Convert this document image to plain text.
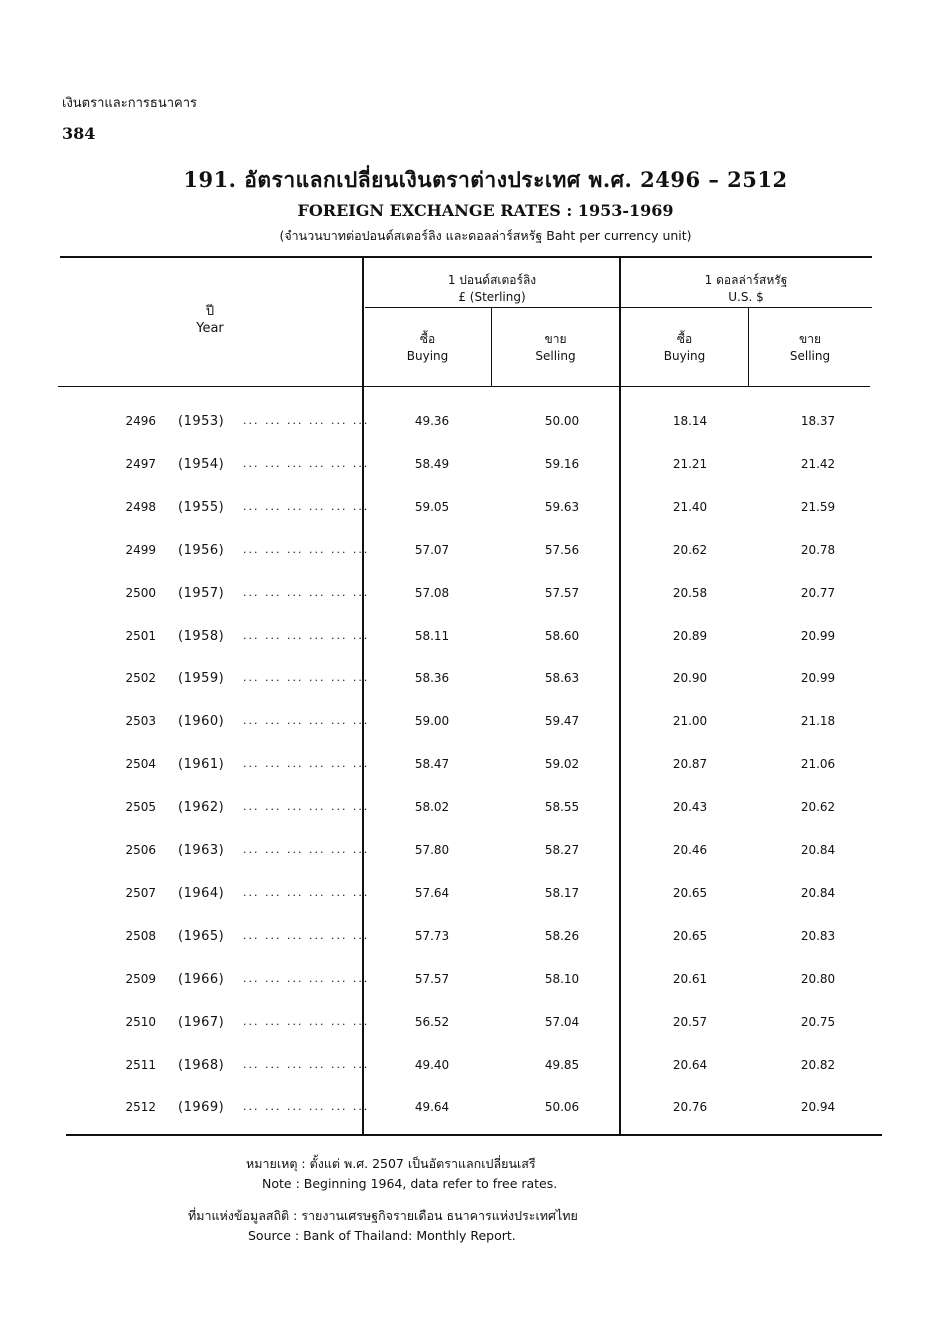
เงินตราและการธนาคาร
384
191. อัตราแลกเปลี่ยนเงินตราต่างประเทศ พ.ศ. 2496 – 2512
FOREIGN EXCHANGE RATES : 1953-1969
(จำนวนบาทต่อปอนด์สเตอร์ลิง และดอลล่าร์สหรัฐ Baht per currency unit)
ปี
Year
1 ปอนด์สเตอร์ลิง
£ (Sterling)
1 ดอลล่าร์สหรัฐ
U.S. $
ซื้อ
Buying
ขาย
Selling
ซื้อ
Buying
ขาย
Selling
2496 (1953)	... ... ... ... ... ...	49.36	50.00	18.14	18.37
2497 (1954)	... ... ... ... ... ...	58.49	59.16	21.21	21.42
2498 (1955)	... ... ... ... ... ...	59.05	59.63	21.40	21.59
2499 (1956)	... ... ... ... ... ...	57.07	57.56	20.62	20.78
2500 (1957)	... ... ... ... ... ...	57.08	57.57	20.58	20.77
2501 (1958)	... ... ... ... ... ...	58.11	58.60	20.89	20.99
2502 (1959)	... ... ... ... ... ...	58.36	58.63	20.90	20.99
2503 (1960)	... ... ... ... ... ...	59.00	59.47	21.00	21.18
2504 (1961)	... ... ... ... ... ...	58.47	59.02	20.87	21.06
2505 (1962)	... ... ... ... ... ...	58.02	58.55	20.43	20.62
2506 (1963)	... ... ... ... ... ...	57.80	58.27	20.46	20.84
2507 (1964)	... ... ... ... ... ...	57.64	58.17	20.65	20.84
2508 (1965)	... ... ... ... ... ...	57.73	58.26	20.65	20.83
2509 (1966)	... ... ... ... ... ...	57.57	58.10	20.61	20.80
2510 (1967)	... ... ... ... ... ...	56.52	57.04	20.57	20.75
2511 (1968)	... ... ... ... ... ...	49.40	49.85	20.64	20.82
2512 (1969)	... ... ... ... ... ...	49.64	50.06	20.76	20.94
หมายเหตุ : ตั้งแต่ พ.ศ. 2507 เป็นอัตราแลกเปลี่ยนเสรี
Note : Beginning 1964, data refer to free rates.
ที่มาแห่งข้อมูลสถิติ : รายงานเศรษฐกิจรายเดือน ธนาคารแห่งประเทศไทย
Source : Bank of Thailand: Monthly Report.
